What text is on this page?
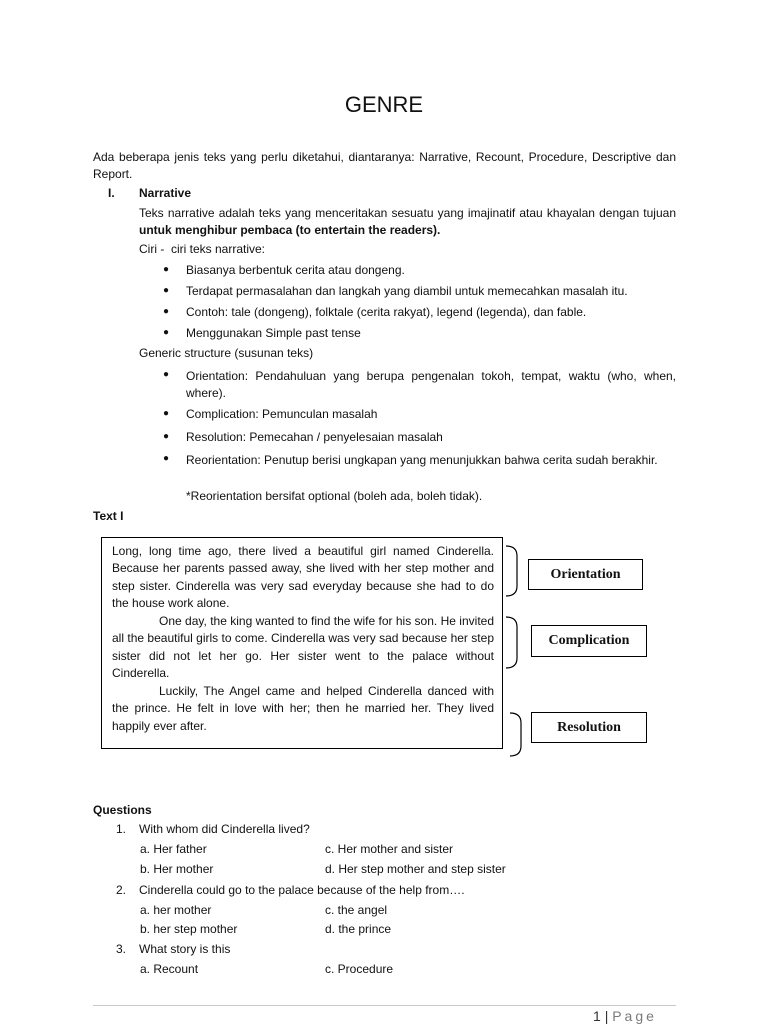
GENRE
Ada beberapa jenis teks yang perlu diketahui, diantaranya: Narrative, Recount, Procedure, Descriptive dan Report.
I. Narrative
Teks narrative adalah teks yang menceritakan sesuatu yang imajinatif atau khayalan dengan tujuan untuk menghibur pembaca (to entertain the readers).
Ciri -  ciri teks narrative:
● Biasanya berbentuk cerita atau dongeng.
● Terdapat permasalahan dan langkah yang diambil untuk memecahkan masalah itu.
● Contoh: tale (dongeng), folktale (cerita rakyat), legend (legenda), dan fable.
● Menggunakan Simple past tense
Generic structure (susunan teks)
● Orientation: Pendahuluan yang berupa pengenalan tokoh, tempat, waktu (who, when, where).
● Complication: Pemunculan masalah
● Resolution: Pemecahan / penyelesaian masalah
● Reorientation: Penutup berisi ungkapan yang menunjukkan bahwa cerita sudah berakhir.
*Reorientation bersifat optional (boleh ada, boleh tidak).
Text I
Long, long time ago, there lived a beautiful girl named Cinderella. Because her parents passed away, she lived with her step mother and step sister. Cinderella was very sad everyday because she had to do the house work alone.
One day, the king wanted to find the wife for his son. He invited all the beautiful girls to come. Cinderella was very sad because her step sister did not let her go. Her sister went to the palace without Cinderella.
Luckily, The Angel came and helped Cinderella danced with the prince. He felt in love with her; then he married her. They lived happily ever after.
Orientation
Complication
Resolution
Questions
1. With whom did Cinderella lived?
a. Her father	c. Her mother and sister
b. Her mother	d. Her step mother and step sister
2. Cinderella could go to the palace because of the help from….
a. her mother	c. the angel
b. her step mother	d. the prince
3. What story is this
a. Recount	c. Procedure
1 | Page
